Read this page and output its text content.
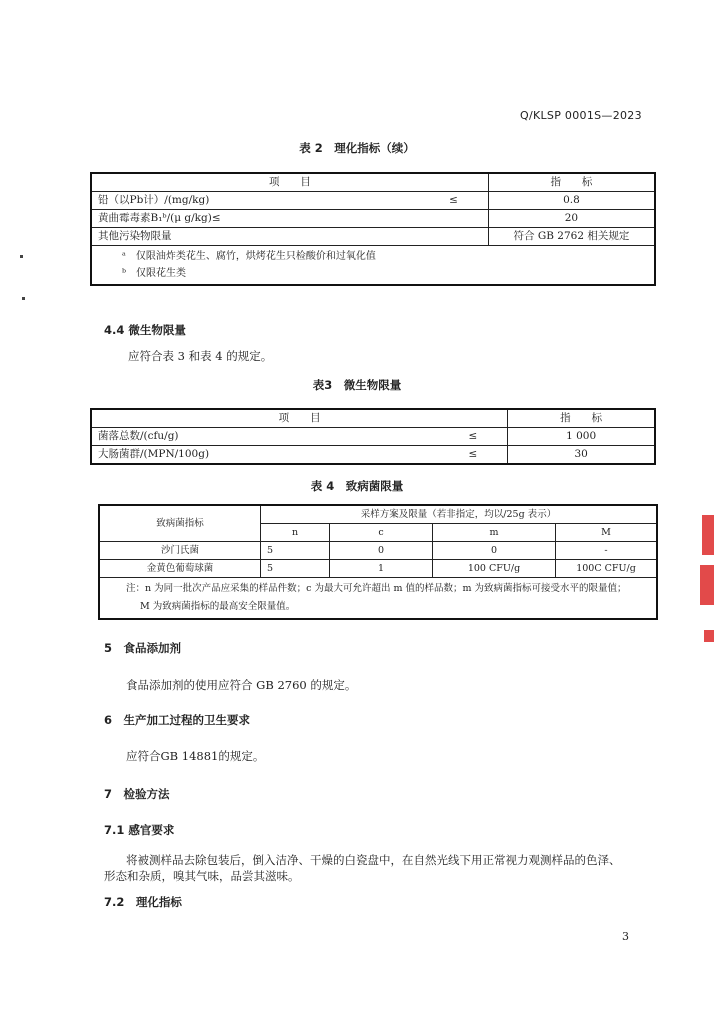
Q/KLSP 0001S—2023
表 2　理化指标（续）
项　　目		指　　标
铅（以Pb计）/(mg/kg)	≤	0.8
黄曲霉毒素B₁ᵇ/(μ g/kg)≤		20
其他污染物限量		符合 GB 2762 相关规定

ᵃ　仅限油炸类花生、腐竹，烘烤花生只检酸价和过氧化值
ᵇ　仅限花生类		
4.4 微生物限量
应符合表 3 和表 4 的规定。
表3　微生物限量
项　　目		指　　标
菌落总数/(cfu/g)	≤	1 000
大肠菌群/(MPN/100g)	≤	30
表 4　致病菌限量
致病菌指标	采样方案及限量（若非指定，均以/25g 表示）			
	n	c	m	M
沙门氏菌	5	0	0	-
金黄色葡萄球菌	5	1	100 CFU/g	100C CFU/g

注：n 为同一批次产品应采集的样品件数；c 为最大可允许超出 m 值的样品数；m 为致病菌指标可接受水平的限量值；
M 为致病菌指标的最高安全限量值。				
5　食品添加剂
食品添加剂的使用应符合 GB 2760 的规定。
6　生产加工过程的卫生要求
应符合GB 14881的规定。
7　检验方法
7.1 感官要求
将被测样品去除包装后，倒入洁净、干燥的白瓷盘中，在自然光线下用正常视力观测样品的色泽、
形态和杂质，嗅其气味，品尝其滋味。
7.2　理化指标
3
